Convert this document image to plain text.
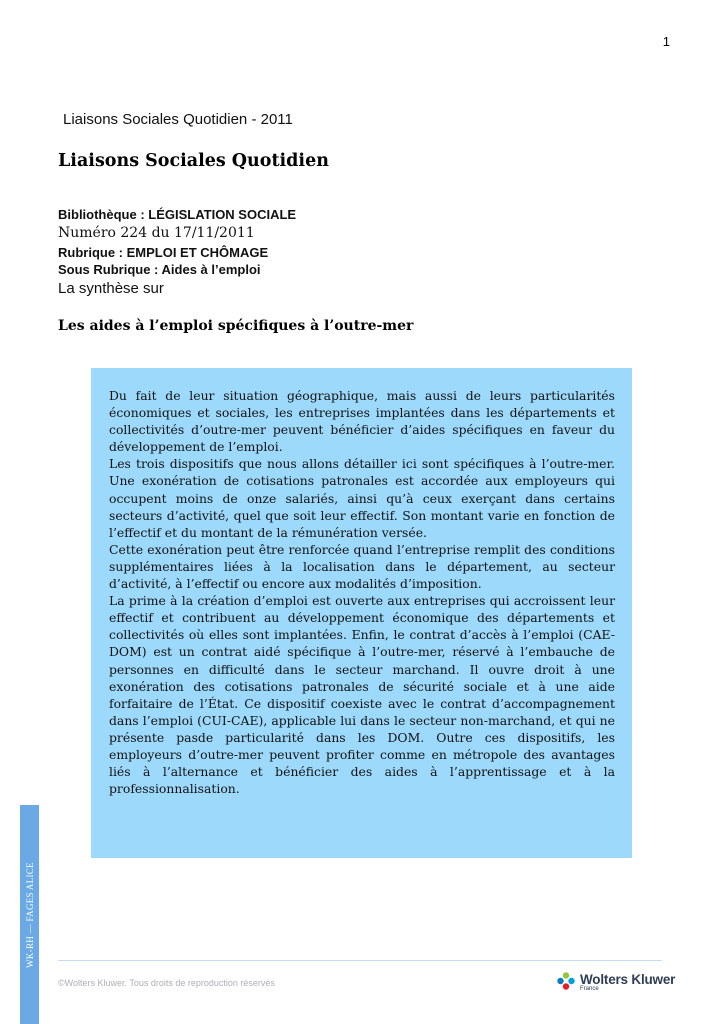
1
Liaisons Sociales Quotidien - 2011
Liaisons Sociales Quotidien
Bibliothèque : LÉGISLATION SOCIALE
Numéro 224 du 17/11/2011
Rubrique : EMPLOI ET CHÔMAGE
Sous Rubrique : Aides à l’emploi
La synthèse sur
Les aides à l’emploi spécifiques à l’outre-mer

Du fait de leur situation géographique, mais aussi de leurs particularités économiques et sociales, les entreprises implantées dans les départements et collectivités d’outre-mer peuvent bénéficier d’aides spécifiques en faveur du développement de l’emploi.

Les trois dispositifs que nous allons détailler ici sont spécifiques à l’outre-mer. Une exonération de cotisations patronales est accordée aux employeurs qui occupent moins de onze salariés, ainsi qu’à ceux exerçant dans certains secteurs d’activité, quel que soit leur effectif. Son montant varie en fonction de l’effectif et du montant de la rémunération versée.

Cette exonération peut être renforcée quand l’entreprise remplit des conditions supplémentaires liées à la localisation dans le département, au secteur d’activité, à l’effectif ou encore aux modalités d’imposition.

La prime à la création d’emploi est ouverte aux entreprises qui accroissent leur effectif et contribuent au développement économique des départements et collectivités où elles sont implantées. Enfin, le contrat d’accès à l’emploi (CAE-DOM) est un contrat aidé spécifique à l’outre-mer, réservé à l’embauche de personnes en difficulté dans le secteur marchand. Il ouvre droit à une exonération des cotisations patronales de sécurité sociale et à une aide forfaitaire de l’État. Ce dispositif coexiste avec le contrat d’accompagnement dans l’emploi (CUI-CAE), applicable lui dans le secteur non-marchand, et qui ne présente pasde particularité dans les DOM. Outre ces dispositifs, les employeurs d’outre-mer peuvent profiter comme en métropole des avantages liés à l’alternance et bénéficier des aides à l’apprentissage et à la professionnalisation.

WK-RH — FAGES ALICE
©Wolters Kluwer. Tous droits de reproduction réservés	Wolters Kluwer
France
